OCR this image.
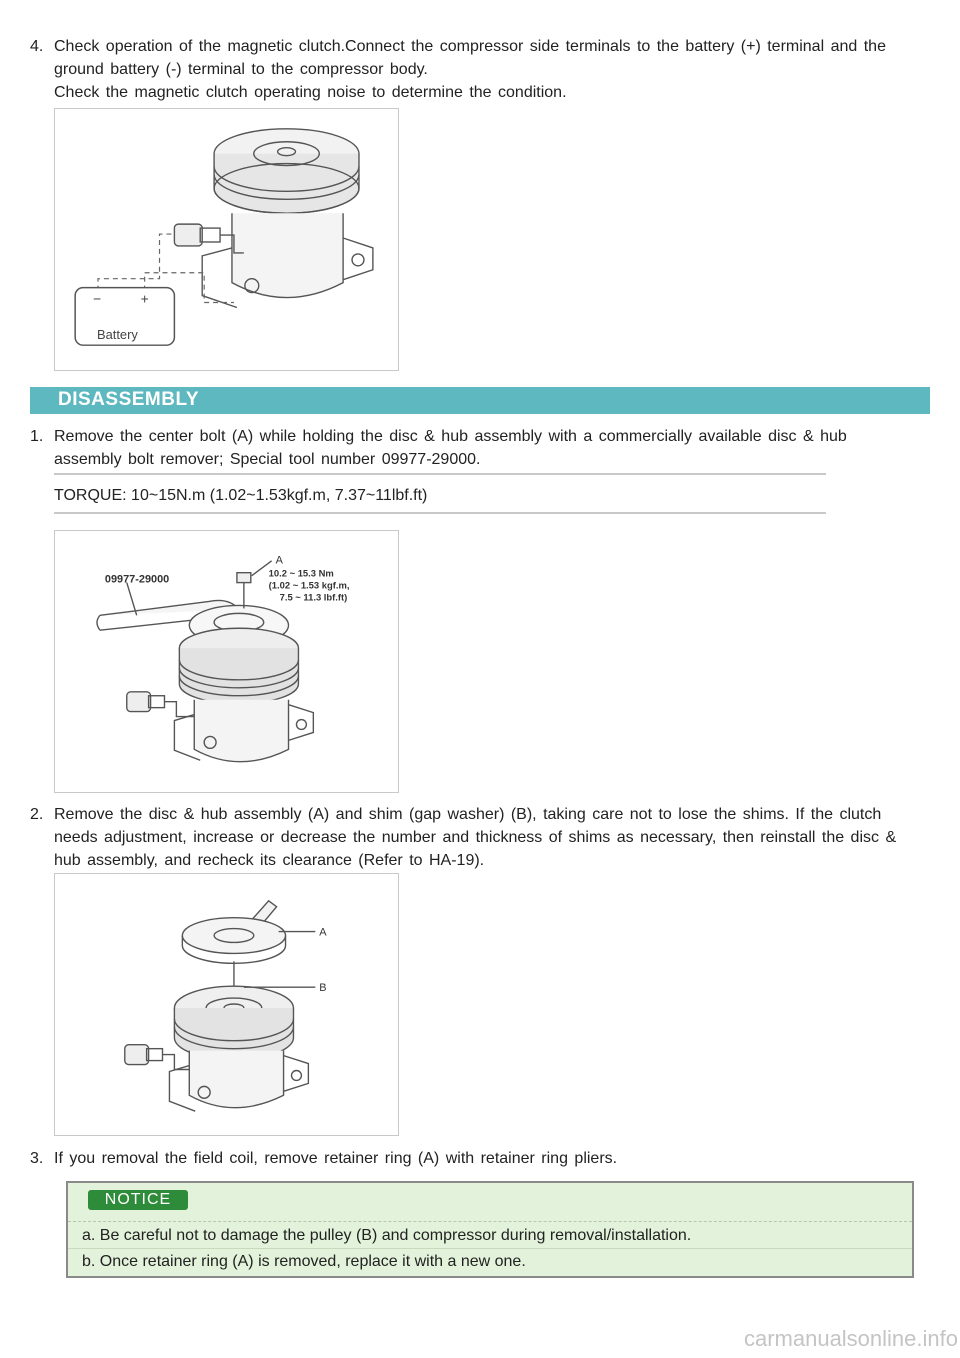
4. Check operation of the magnetic clutch.Connect the compressor side terminals to the battery (+) terminal and the
ground battery (-) terminal to the compressor body.
Check the magnetic clutch operating noise to determine the condition.
−	+
Battery
DISASSEMBLY
1. Remove the center bolt (A) while holding the disc & hub assembly with a commercially available disc & hub
assembly bolt remover; Special tool number 09977-29000.
TORQUE: 10~15N.m (1.02~1.53kgf.m, 7.37~11lbf.ft)
09977-29000
A
10.2 ~ 15.3 Nm
(1.02 ~ 1.53 kgf.m,
7.5 ~ 11.3 lbf.ft)
2. Remove the disc & hub assembly (A) and shim (gap washer) (B), taking care not to lose the shims. If the clutch
needs adjustment, increase or decrease the number and thickness of shims as necessary, then reinstall the disc &
hub assembly, and recheck its clearance (Refer to HA-19).
A
B
3. If you removal the field coil, remove retainer ring (A) with retainer ring pliers.
NOTICE
a. Be careful not to damage the pulley (B) and compressor during removal/installation.
b. Once retainer ring (A) is removed, replace it with a new one.
carmanualsonline.info
